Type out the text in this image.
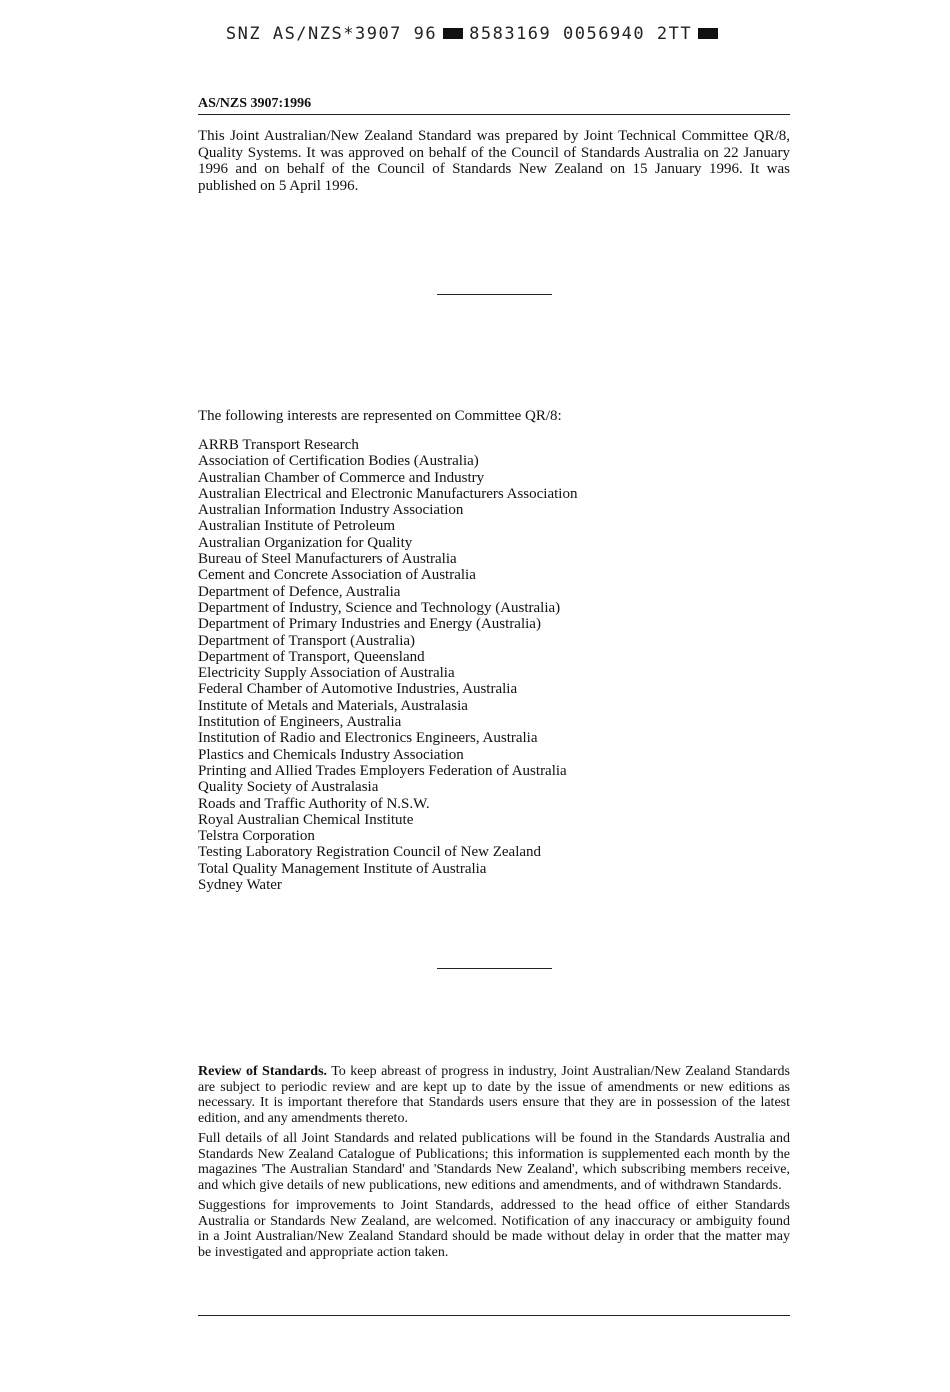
SNZ AS/NZS*3907 96 8583169 0056940 2TT
AS/NZS 3907:1996
This Joint Australian/New Zealand Standard was prepared by Joint Technical Committee QR/8, Quality Systems. It was approved on behalf of the Council of Standards Australia on 22 January 1996 and on behalf of the Council of Standards New Zealand on 15 January 1996. It was published on 5 April 1996.
The following interests are represented on Committee QR/8:
ARRB Transport Research
Association of Certification Bodies (Australia)
Australian Chamber of Commerce and Industry
Australian Electrical and Electronic Manufacturers Association
Australian Information Industry Association
Australian Institute of Petroleum
Australian Organization for Quality
Bureau of Steel Manufacturers of Australia
Cement and Concrete Association of Australia
Department of Defence, Australia
Department of Industry, Science and Technology (Australia)
Department of Primary Industries and Energy (Australia)
Department of Transport (Australia)
Department of Transport, Queensland
Electricity Supply Association of Australia
Federal Chamber of Automotive Industries, Australia
Institute of Metals and Materials, Australasia
Institution of Engineers, Australia
Institution of Radio and Electronics Engineers, Australia
Plastics and Chemicals Industry Association
Printing and Allied Trades Employers Federation of Australia
Quality Society of Australasia
Roads and Traffic Authority of N.S.W.
Royal Australian Chemical Institute
Telstra Corporation
Testing Laboratory Registration Council of New Zealand
Total Quality Management Institute of Australia
Sydney Water

Review of Standards. To keep abreast of progress in industry, Joint Australian/New Zealand Standards are subject to periodic review and are kept up to date by the issue of amendments or new editions as necessary. It is important therefore that Standards users ensure that they are in possession of the latest edition, and any amendments thereto.

Full details of all Joint Standards and related publications will be found in the Standards Australia and Standards New Zealand Catalogue of Publications; this information is supplemented each month by the magazines 'The Australian Standard' and 'Standards New Zealand', which subscribing members receive, and which give details of new publications, new editions and amendments, and of withdrawn Standards.

Suggestions for improvements to Joint Standards, addressed to the head office of either Standards Australia or Standards New Zealand, are welcomed. Notification of any inaccuracy or ambiguity found in a Joint Australian/New Zealand Standard should be made without delay in order that the matter may be investigated and appropriate action taken.
